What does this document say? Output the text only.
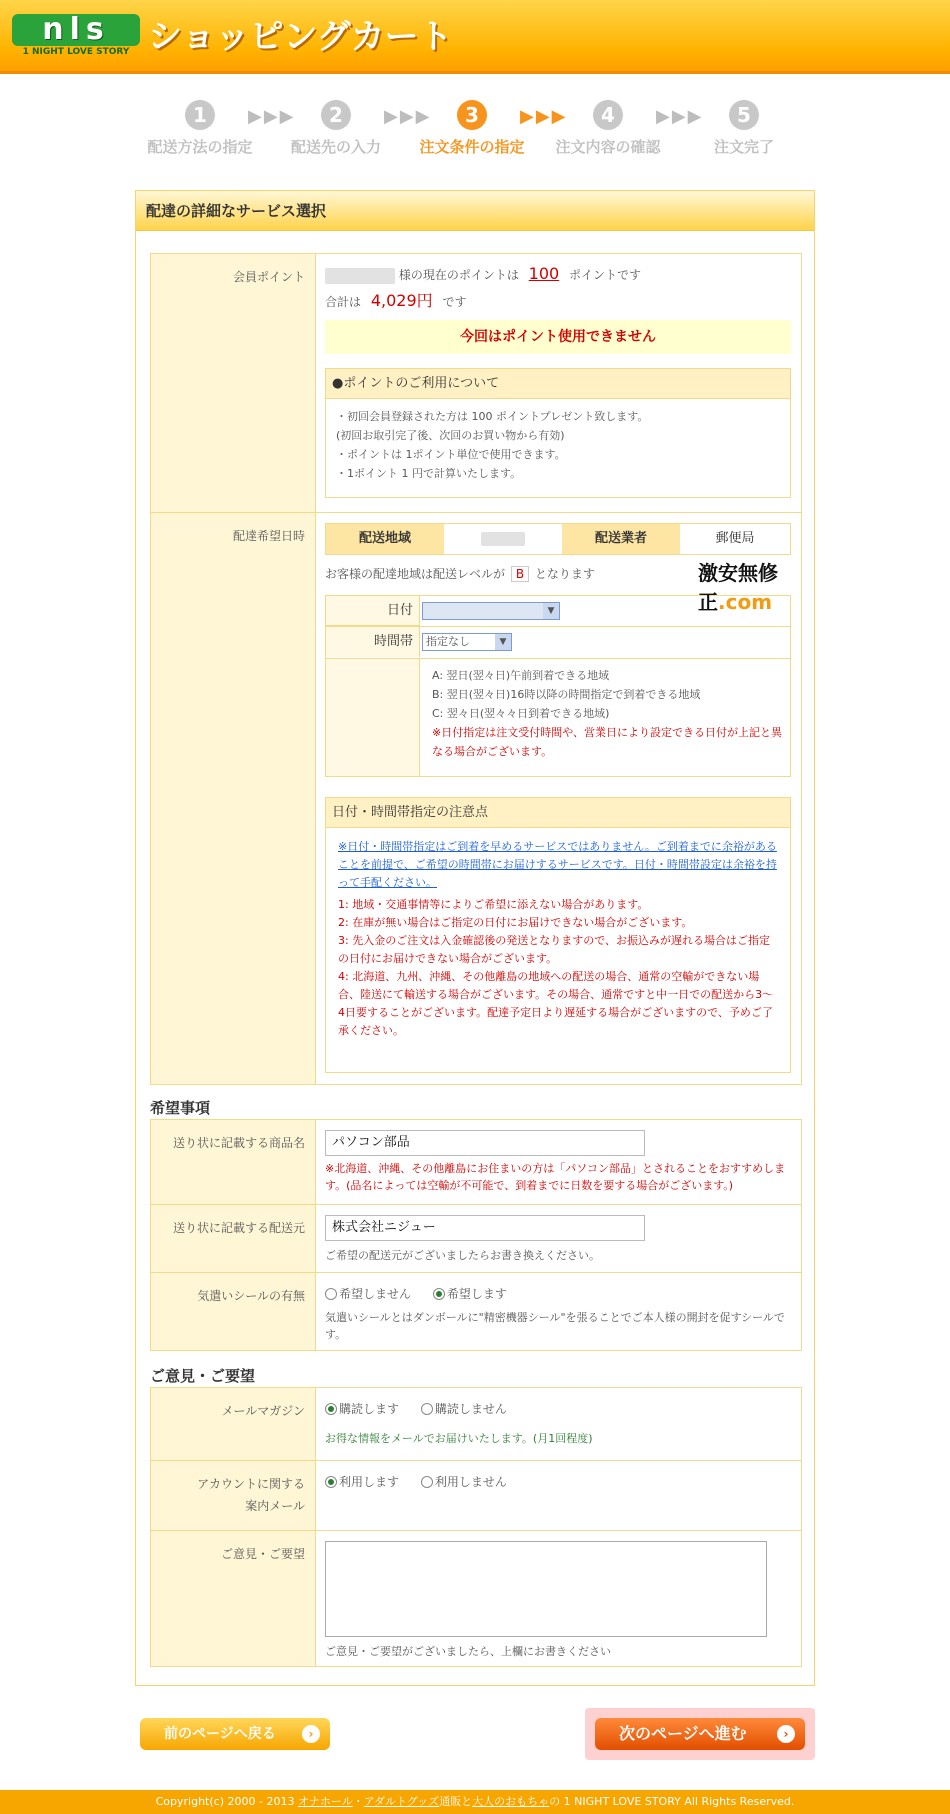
nls
1 NIGHT LOVE STORY ショッピングカート
1
配送方法の指定
▶▶▶	2
配送先の入力
▶▶▶	3
注文条件の指定
▶▶▶	4
注文内容の確認
▶▶▶	5
注文完了
配達の詳細なサービス選択
会員ポイント	様の現在のポイントは 100 ポイントです
合計は 4,029円 です
今回はポイント使用できません
●ポイントのご利用について
・初回会員登録された方は 100 ポイントプレゼント致します。
(初回お取引完了後、次回のお買い物から有効)
・ポイントは 1ポイント単位で使用できます。
・1ポイント 1 円で計算いたします。
配達希望日時	配送地域	配送業者	郵便局
お客様の配達地域は配送レベルが B となります
日付	▼
時間帯	指定なし	▼
A: 翌日(翌々日)午前到着できる地域
B: 翌日(翌々日)16時以降の時間指定で到着できる地域
C: 翌々日(翌々々日到着できる地域)
※日付指定は注文受付時間や、営業日により設定できる日付が上記と異なる場合がございます。
日付・時間帯指定の注意点
※日付・時間帯指定はご到着を早めるサービスではありません。ご到着までに余裕があることを前提で、ご希望の時間帯にお届けするサービスです。日付・時間帯設定は余裕を持って手配ください。
1: 地域・交通事情等によりご希望に添えない場合があります。
2: 在庫が無い場合はご指定の日付にお届けできない場合がございます。
3: 先入金のご注文は入金確認後の発送となりますので、お振込みが遅れる場合はご指定の日付にお届けできない場合がございます。
4: 北海道、九州、沖縄、その他離島の地域への配送の場合、通常の空輸ができない場合、陸送にて輸送する場合がございます。その場合、通常ですと中一日での配送から3〜4日要することがございます。配達予定日より遅延する場合がございますので、予めご了承ください。
激安無修正.com
希望事項
送り状に記載する商品名	パソコン部品
※北海道、沖縄、その他離島にお住まいの方は「パソコン部品」とされることをおすすめします。(品名によっては空輸が不可能で、到着までに日数を要する場合がございます。)
送り状に記載する配送元	株式会社ニジュー
ご希望の配送元がございましたらお書き換えください。
気遣いシールの有無	希望しません	希望します
気遣いシールとはダンボールに"精密機器シール"を張ることでご本人様の開封を促すシールです。
ご意見・ご要望
メールマガジン	購読します	購読しません
お得な情報をメールでお届けいたします。(月1回程度)
アカウントに関する
案内メール
利用します	利用しません
ご意見・ご要望
ご意見・ご要望がございましたら、上欄にお書きください
前のページへ戻る	›	次のページへ進む	›
Copyright(c) 2000 - 2013 オナホール・アダルトグッズ通販と大人のおもちゃの 1 NIGHT LOVE STORY All Rights Reserved.
